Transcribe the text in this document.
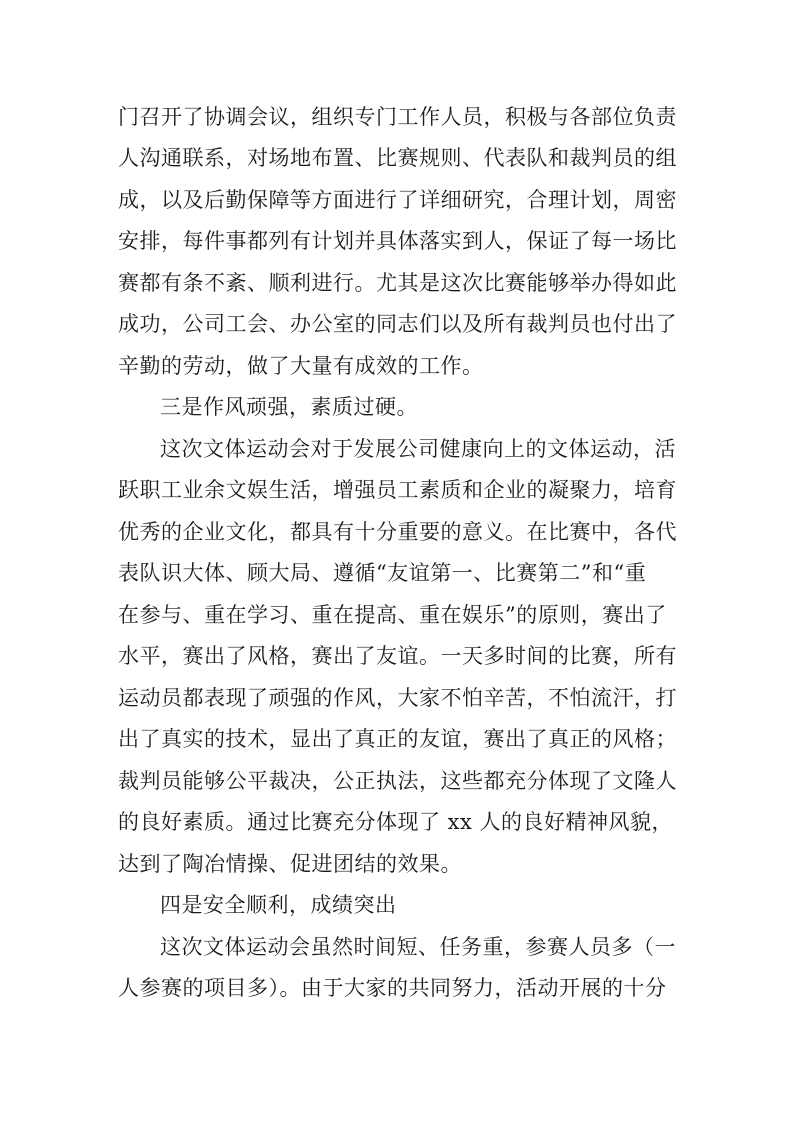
门召开了协调会议，组织专门工作人员，积极与各部位负责
人沟通联系，对场地布置、比赛规则、代表队和裁判员的组
成，以及后勤保障等方面进行了详细研究，合理计划，周密
安排，每件事都列有计划并具体落实到人，保证了每一场比
赛都有条不紊、顺利进行。尤其是这次比赛能够举办得如此
成功，公司工会、办公室的同志们以及所有裁判员也付出了
辛勤的劳动，做了大量有成效的工作。
三是作风顽强，素质过硬。
这次文体运动会对于发展公司健康向上的文体运动，活
跃职工业余文娱生活，增强员工素质和企业的凝聚力，培育
优秀的企业文化，都具有十分重要的意义。在比赛中，各代
表队识大体、顾大局、遵循“友谊第一、比赛第二”和“重
在参与、重在学习、重在提高、重在娱乐”的原则，赛出了
水平，赛出了风格，赛出了友谊。一天多时间的比赛，所有
运动员都表现了顽强的作风，大家不怕辛苦，不怕流汗，打
出了真实的技术，显出了真正的友谊，赛出了真正的风格；
裁判员能够公平裁决，公正执法，这些都充分体现了文隆人
的良好素质。通过比赛充分体现了 xx 人的良好精神风貌，
达到了陶冶情操、促进团结的效果。
四是安全顺利，成绩突出
这次文体运动会虽然时间短、任务重，参赛人员多（一
人参赛的项目多）。由于大家的共同努力，活动开展的十分
